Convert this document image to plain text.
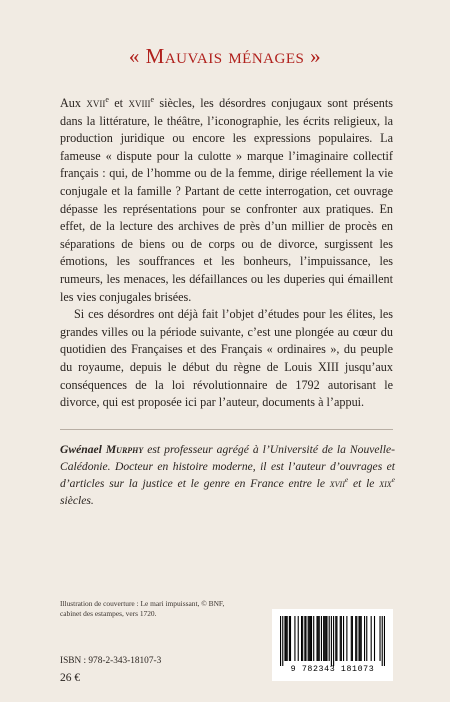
« Mauvais ménages »

Aux xvii$^e$ et xviii$^e$ siècles, les désordres conjugaux sont présents dans la littérature, le théâtre, l’iconographie, les écrits religieux, la production juridique ou encore les expressions populaires. La fameuse « dispute pour la culotte » marque l’imaginaire collectif français : qui, de l’homme ou de la femme, dirige réellement la vie conjugale et la famille ? Partant de cette interrogation, cet ouvrage dépasse les représentations pour se confronter aux pratiques. En effet, de la lecture des archives de près d’un millier de procès en séparations de biens ou de corps ou de divorce, surgissent les émotions, les souffrances et les bonheurs, l’impuissance, les rumeurs, les menaces, les défaillances ou les duperies qui émaillent les vies conjugales brisées.

Si ces désordres ont déjà fait l’objet d’études pour les élites, les grandes villes ou la période suivante, c’est une plongée au cœur du quotidien des Françaises et des Français « ordinaires », du peuple du royaume, depuis le début du règne de Louis XIII jusqu’aux conséquences de la loi révolutionnaire de 1792 autorisant le divorce, qui est proposée ici par l’auteur, documents à l’appui.

Gwénael Murphy est professeur agrégé à l’Université de la Nouvelle-Calédonie. Docteur en histoire moderne, il est l’auteur d’ouvrages et d’articles sur la justice et le genre en France entre le xvii$^e$ et le xix$^e$ siècles.
Illustration de couverture : Le mari impuissant, © BNF,
cabinet des estampes, vers 1720.
ISBN : 978-2-343-18107-3
26 €
9 782343 181073
